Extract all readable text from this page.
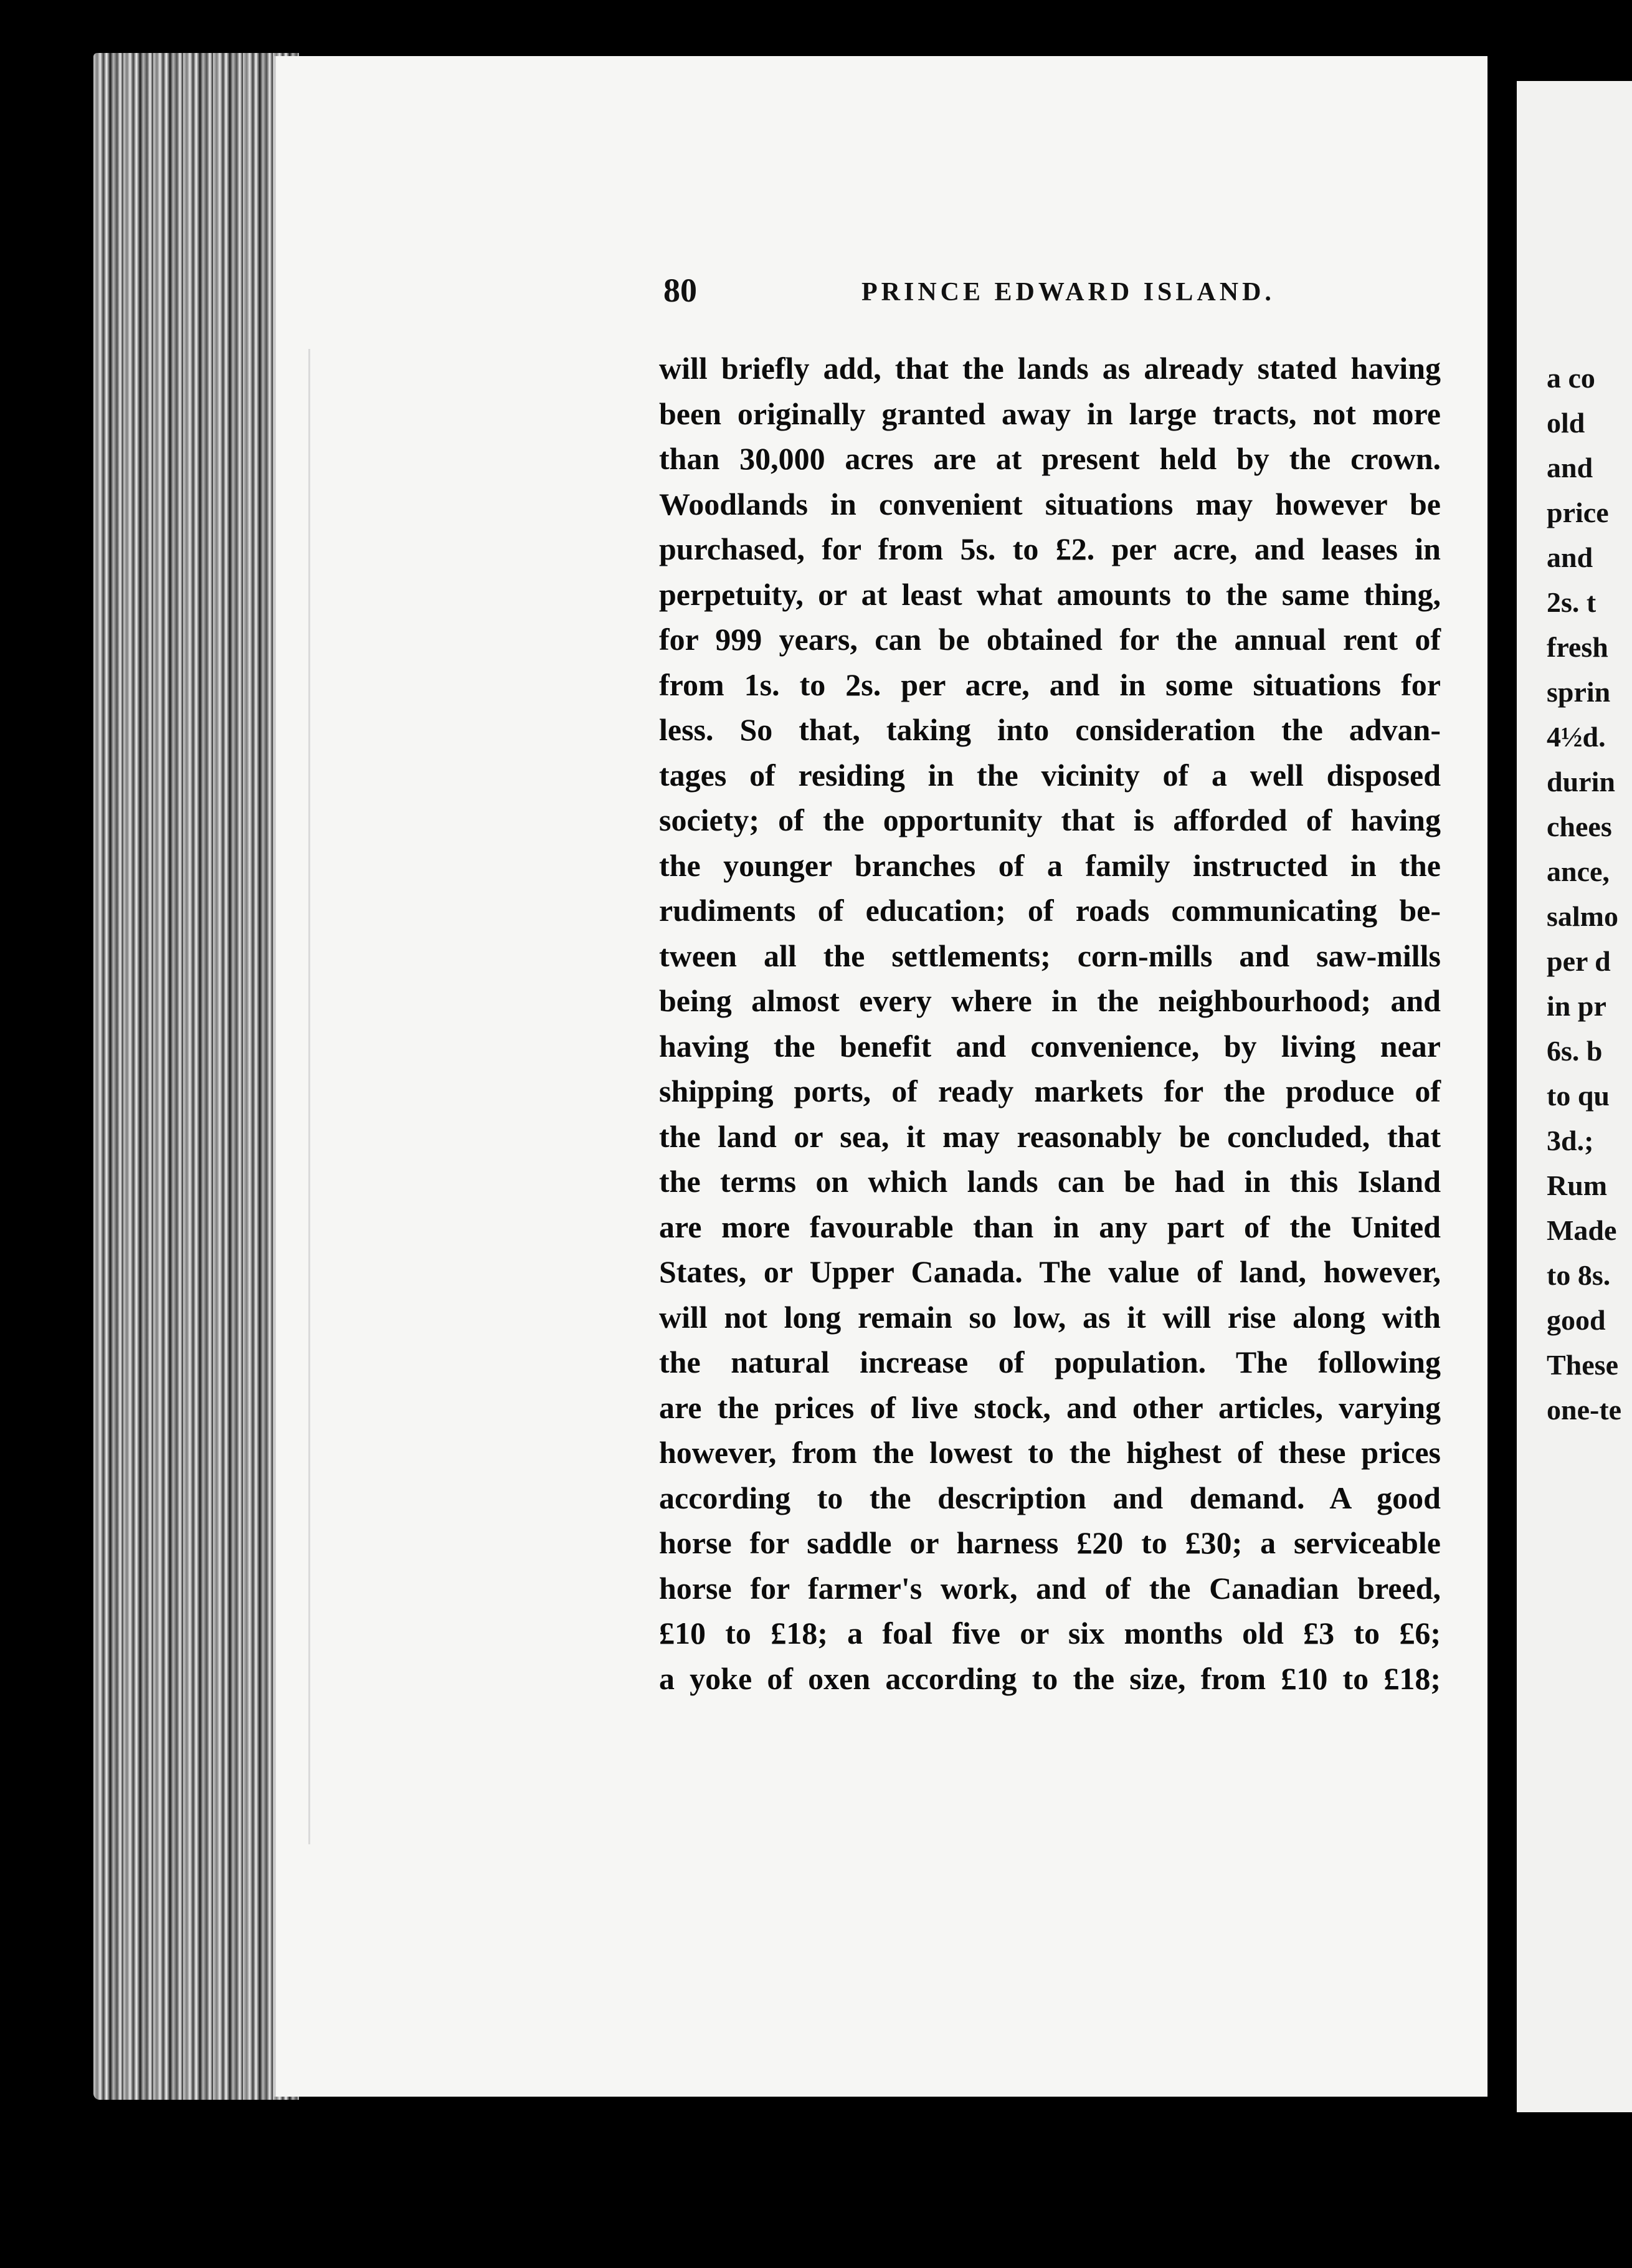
80	PRINCE EDWARD ISLAND.
will briefly add, that the lands as already stated having
been originally granted away in large tracts, not more
than 30,000 acres are at present held by the crown.
Woodlands in convenient situations may however be
purchased, for from 5s. to £2. per acre, and leases in
perpetuity, or at least what amounts to the same thing,
for 999 years, can be obtained for the annual rent of
from 1s. to 2s. per acre, and in some situations for
less. So that, taking into consideration the advan-
tages of residing in the vicinity of a well disposed
society; of the opportunity that is afforded of having
the younger branches of a family instructed in the
rudiments of education; of roads communicating be-
tween all the settlements; corn-mills and saw-mills
being almost every where in the neighbourhood; and
having the benefit and convenience, by living near
shipping ports, of ready markets for the produce of
the land or sea, it may reasonably be concluded, that
the terms on which lands can be had in this Island
are more favourable than in any part of the United
States, or Upper Canada. The value of land, however,
will not long remain so low, as it will rise along with
the natural increase of population. The following
are the prices of live stock, and other articles, varying
however, from the lowest to the highest of these prices
according to the description and demand. A good
horse for saddle or harness £20 to £30; a serviceable
horse for farmer's work, and of the Canadian breed,
£10 to £18; a foal five or six months old £3 to £6;
a yoke of oxen according to the size, from £10 to £18;
a co
old
and
price
and
2s. t
fresh
sprin
4½d.
durin
chees
ance,
salmo
per d
in pr
6s. b
to qu
3d.;
Rum
Made
to 8s.
good
These
one-te
